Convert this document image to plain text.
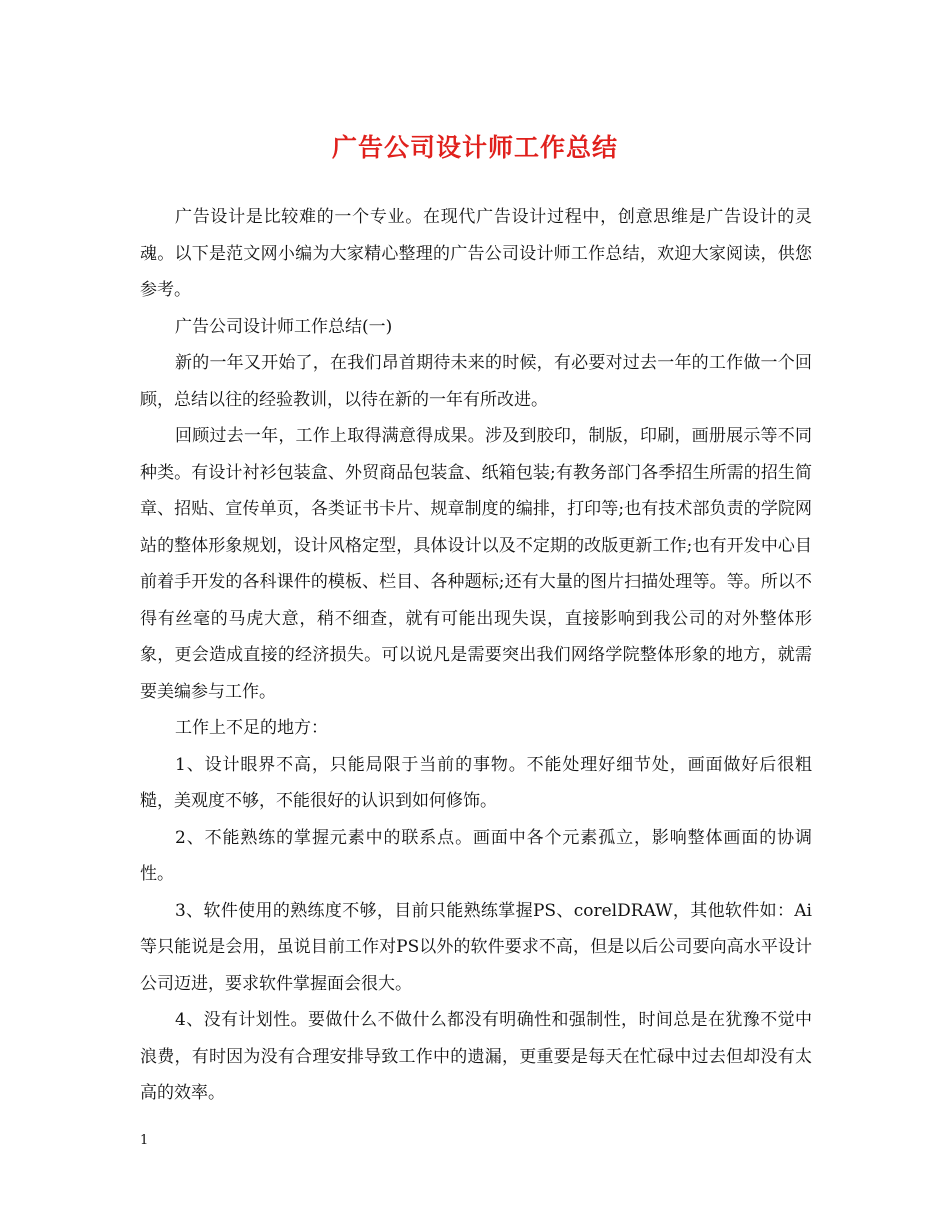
广告公司设计师工作总结

广告设计是比较难的一个专业。在现代广告设计过程中，创意思维是广告设计的灵魂。以下是范文网小编为大家精心整理的广告公司设计师工作总结，欢迎大家阅读，供您参考。

广告公司设计师工作总结(一)

新的一年又开始了，在我们昂首期待未来的时候，有必要对过去一年的工作做一个回顾，总结以往的经验教训，以待在新的一年有所改进。

回顾过去一年，工作上取得满意得成果。涉及到胶印，制版，印刷，画册展示等不同种类。有设计衬衫包装盒、外贸商品包装盒、纸箱包装;有教务部门各季招生所需的招生简章、招贴、宣传单页，各类证书卡片、规章制度的编排，打印等;也有技术部负责的学院网站的整体形象规划，设计风格定型，具体设计以及不定期的改版更新工作;也有开发中心目前着手开发的各科课件的模板、栏目、各种题标;还有大量的图片扫描处理等。等。所以不得有丝毫的马虎大意，稍不细查，就有可能出现失误，直接影响到我公司的对外整体形象，更会造成直接的经济损失。可以说凡是需要突出我们网络学院整体形象的地方，就需要美编参与工作。

工作上不足的地方：

1、设计眼界不高，只能局限于当前的事物。不能处理好细节处，画面做好后很粗糙，美观度不够，不能很好的认识到如何修饰。

2、不能熟练的掌握元素中的联系点。画面中各个元素孤立，影响整体画面的协调性。

3、软件使用的熟练度不够，目前只能熟练掌握PS、corelDRAW，其他软件如：Ai等只能说是会用，虽说目前工作对PS以外的软件要求不高，但是以后公司要向高水平设计公司迈进，要求软件掌握面会很大。

4、没有计划性。要做什么不做什么都没有明确性和强制性，时间总是在犹豫不觉中浪费，有时因为没有合理安排导致工作中的遗漏，更重要是每天在忙碌中过去但却没有太高的效率。

1
